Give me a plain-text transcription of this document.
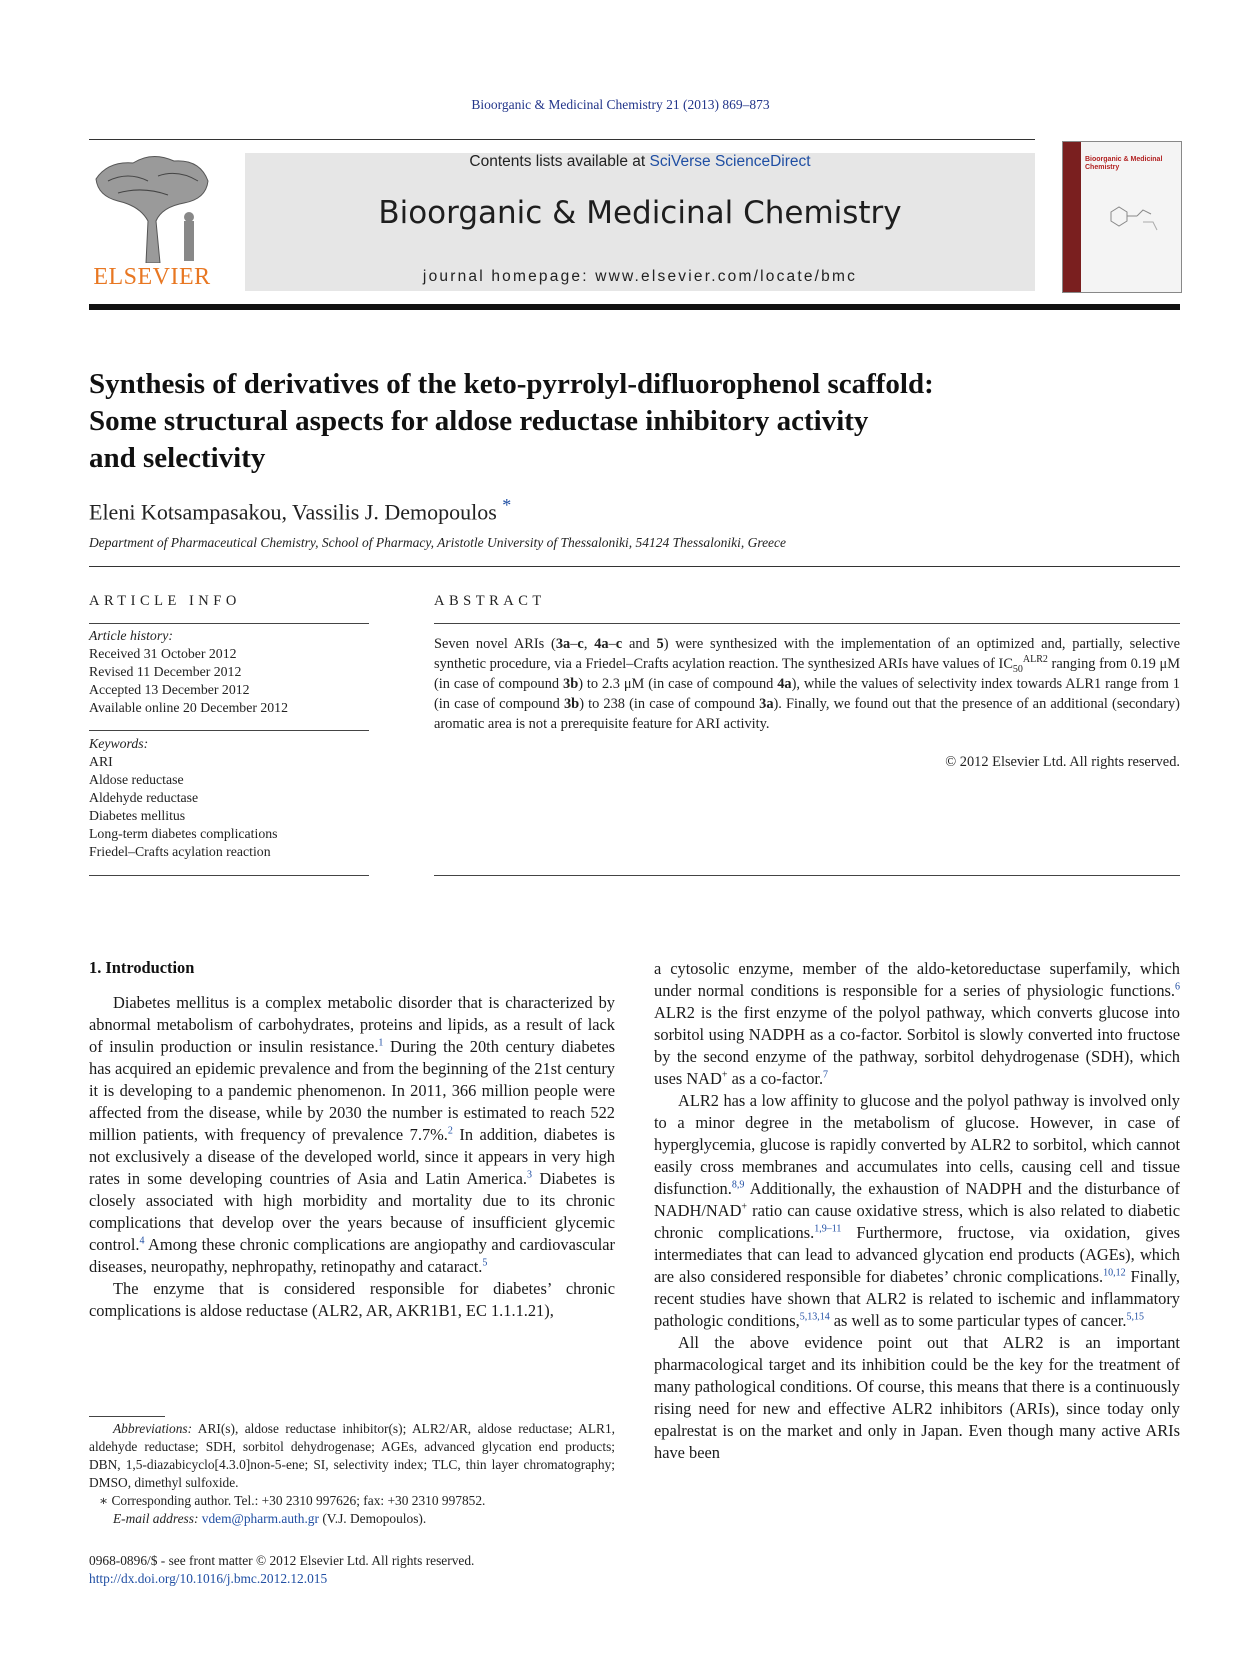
Bioorganic & Medicinal Chemistry 21 (2013) 869–873
ELSEVIER
Contents lists available at SciVerse ScienceDirect
Bioorganic & Medicinal Chemistry
journal homepage: www.elsevier.com/locate/bmc
Bioorganic & Medicinal Chemistry
Synthesis of derivatives of the keto-pyrrolyl-difluorophenol scaffold:
Some structural aspects for aldose reductase inhibitory activity
and selectivity
Eleni Kotsampasakou, Vassilis J. Demopoulos *
Department of Pharmaceutical Chemistry, School of Pharmacy, Aristotle University of Thessaloniki, 54124 Thessaloniki, Greece
ARTICLE INFO
Article history:
Received 31 October 2012
Revised 11 December 2012
Accepted 13 December 2012
Available online 20 December 2012
Keywords:
ARI
Aldose reductase
Aldehyde reductase
Diabetes mellitus
Long-term diabetes complications
Friedel–Crafts acylation reaction
ABSTRACT
Seven novel ARIs (3a–c, 4a–c and 5) were synthesized with the implementation of an optimized and, partially, selective synthetic procedure, via a Friedel–Crafts acylation reaction. The synthesized ARIs have values of $IC_{50}^{ALR2}$ ranging from 0.19 μM (in case of compound 3b) to 2.3 μM (in case of compound 4a), while the values of selectivity index towards ALR1 range from 1 (in case of compound 3b) to 238 (in case of compound 3a). Finally, we found out that the presence of an additional (secondary) aromatic area is not a prerequisite feature for ARI activity.
© 2012 Elsevier Ltd. All rights reserved.
1. Introduction

Diabetes mellitus is a complex metabolic disorder that is characterized by abnormal metabolism of carbohydrates, proteins and lipids, as a result of lack of insulin production or insulin resistance.$^1$ During the 20th century diabetes has acquired an epidemic prevalence and from the beginning of the 21st century it is developing to a pandemic phenomenon. In 2011, 366 million people were affected from the disease, while by 2030 the number is estimated to reach 522 million patients, with frequency of prevalence 7.7%.$^2$ In addition, diabetes is not exclusively a disease of the developed world, since it appears in very high rates in some developing countries of Asia and Latin America.$^3$ Diabetes is closely associated with high morbidity and mortality due to its chronic complications that develop over the years because of insufficient glycemic control.$^4$ Among these chronic complications are angiopathy and cardiovascular diseases, neuropathy, nephropathy, retinopathy and cataract.$^5$

The enzyme that is considered responsible for diabetes’ chronic complications is aldose reductase (ALR2, AR, AKR1B1, EC 1.1.1.21),

Abbreviations: ARI(s), aldose reductase inhibitor(s); ALR2/AR, aldose reductase; ALR1, aldehyde reductase; SDH, sorbitol dehydrogenase; AGEs, advanced glycation end products; DBN, 1,5-diazabicyclo[4.3.0]non-5-ene; SI, selectivity index; TLC, thin layer chromatography; DMSO, dimethyl sulfoxide.
∗ Corresponding author. Tel.: +30 2310 997626; fax: +30 2310 997852.
E-mail address: vdem@pharm.auth.gr (V.J. Demopoulos).
0968-0896/$ - see front matter © 2012 Elsevier Ltd. All rights reserved.
http://dx.doi.org/10.1016/j.bmc.2012.12.015

a cytosolic enzyme, member of the aldo-ketoreductase superfamily, which under normal conditions is responsible for a series of physiologic functions.$^6$ ALR2 is the first enzyme of the polyol pathway, which converts glucose into sorbitol using NADPH as a co-factor. Sorbitol is slowly converted into fructose by the second enzyme of the pathway, sorbitol dehydrogenase (SDH), which uses NAD+ as a co-factor.$^7$

ALR2 has a low affinity to glucose and the polyol pathway is involved only to a minor degree in the metabolism of glucose. However, in case of hyperglycemia, glucose is rapidly converted by ALR2 to sorbitol, which cannot easily cross membranes and accumulates into cells, causing cell and tissue disfunction.$^{8,9}$ Additionally, the exhaustion of NADPH and the disturbance of NADH/NAD+ ratio can cause oxidative stress, which is also related to diabetic chronic complications.$^{1,9-11}$ Furthermore, fructose, via oxidation, gives intermediates that can lead to advanced glycation end products (AGEs), which are also considered responsible for diabetes’ chronic complications.$^{10,12}$ Finally, recent studies have shown that ALR2 is related to ischemic and inflammatory pathologic conditions,$^{5,13,14}$ as well as to some particular types of cancer.$^{5,15}$

All the above evidence point out that ALR2 is an important pharmacological target and its inhibition could be the key for the treatment of many pathological conditions. Of course, this means that there is a continuously rising need for new and effective ALR2 inhibitors (ARIs), since today only epalrestat is on the market and only in Japan. Even though many active ARIs have been
